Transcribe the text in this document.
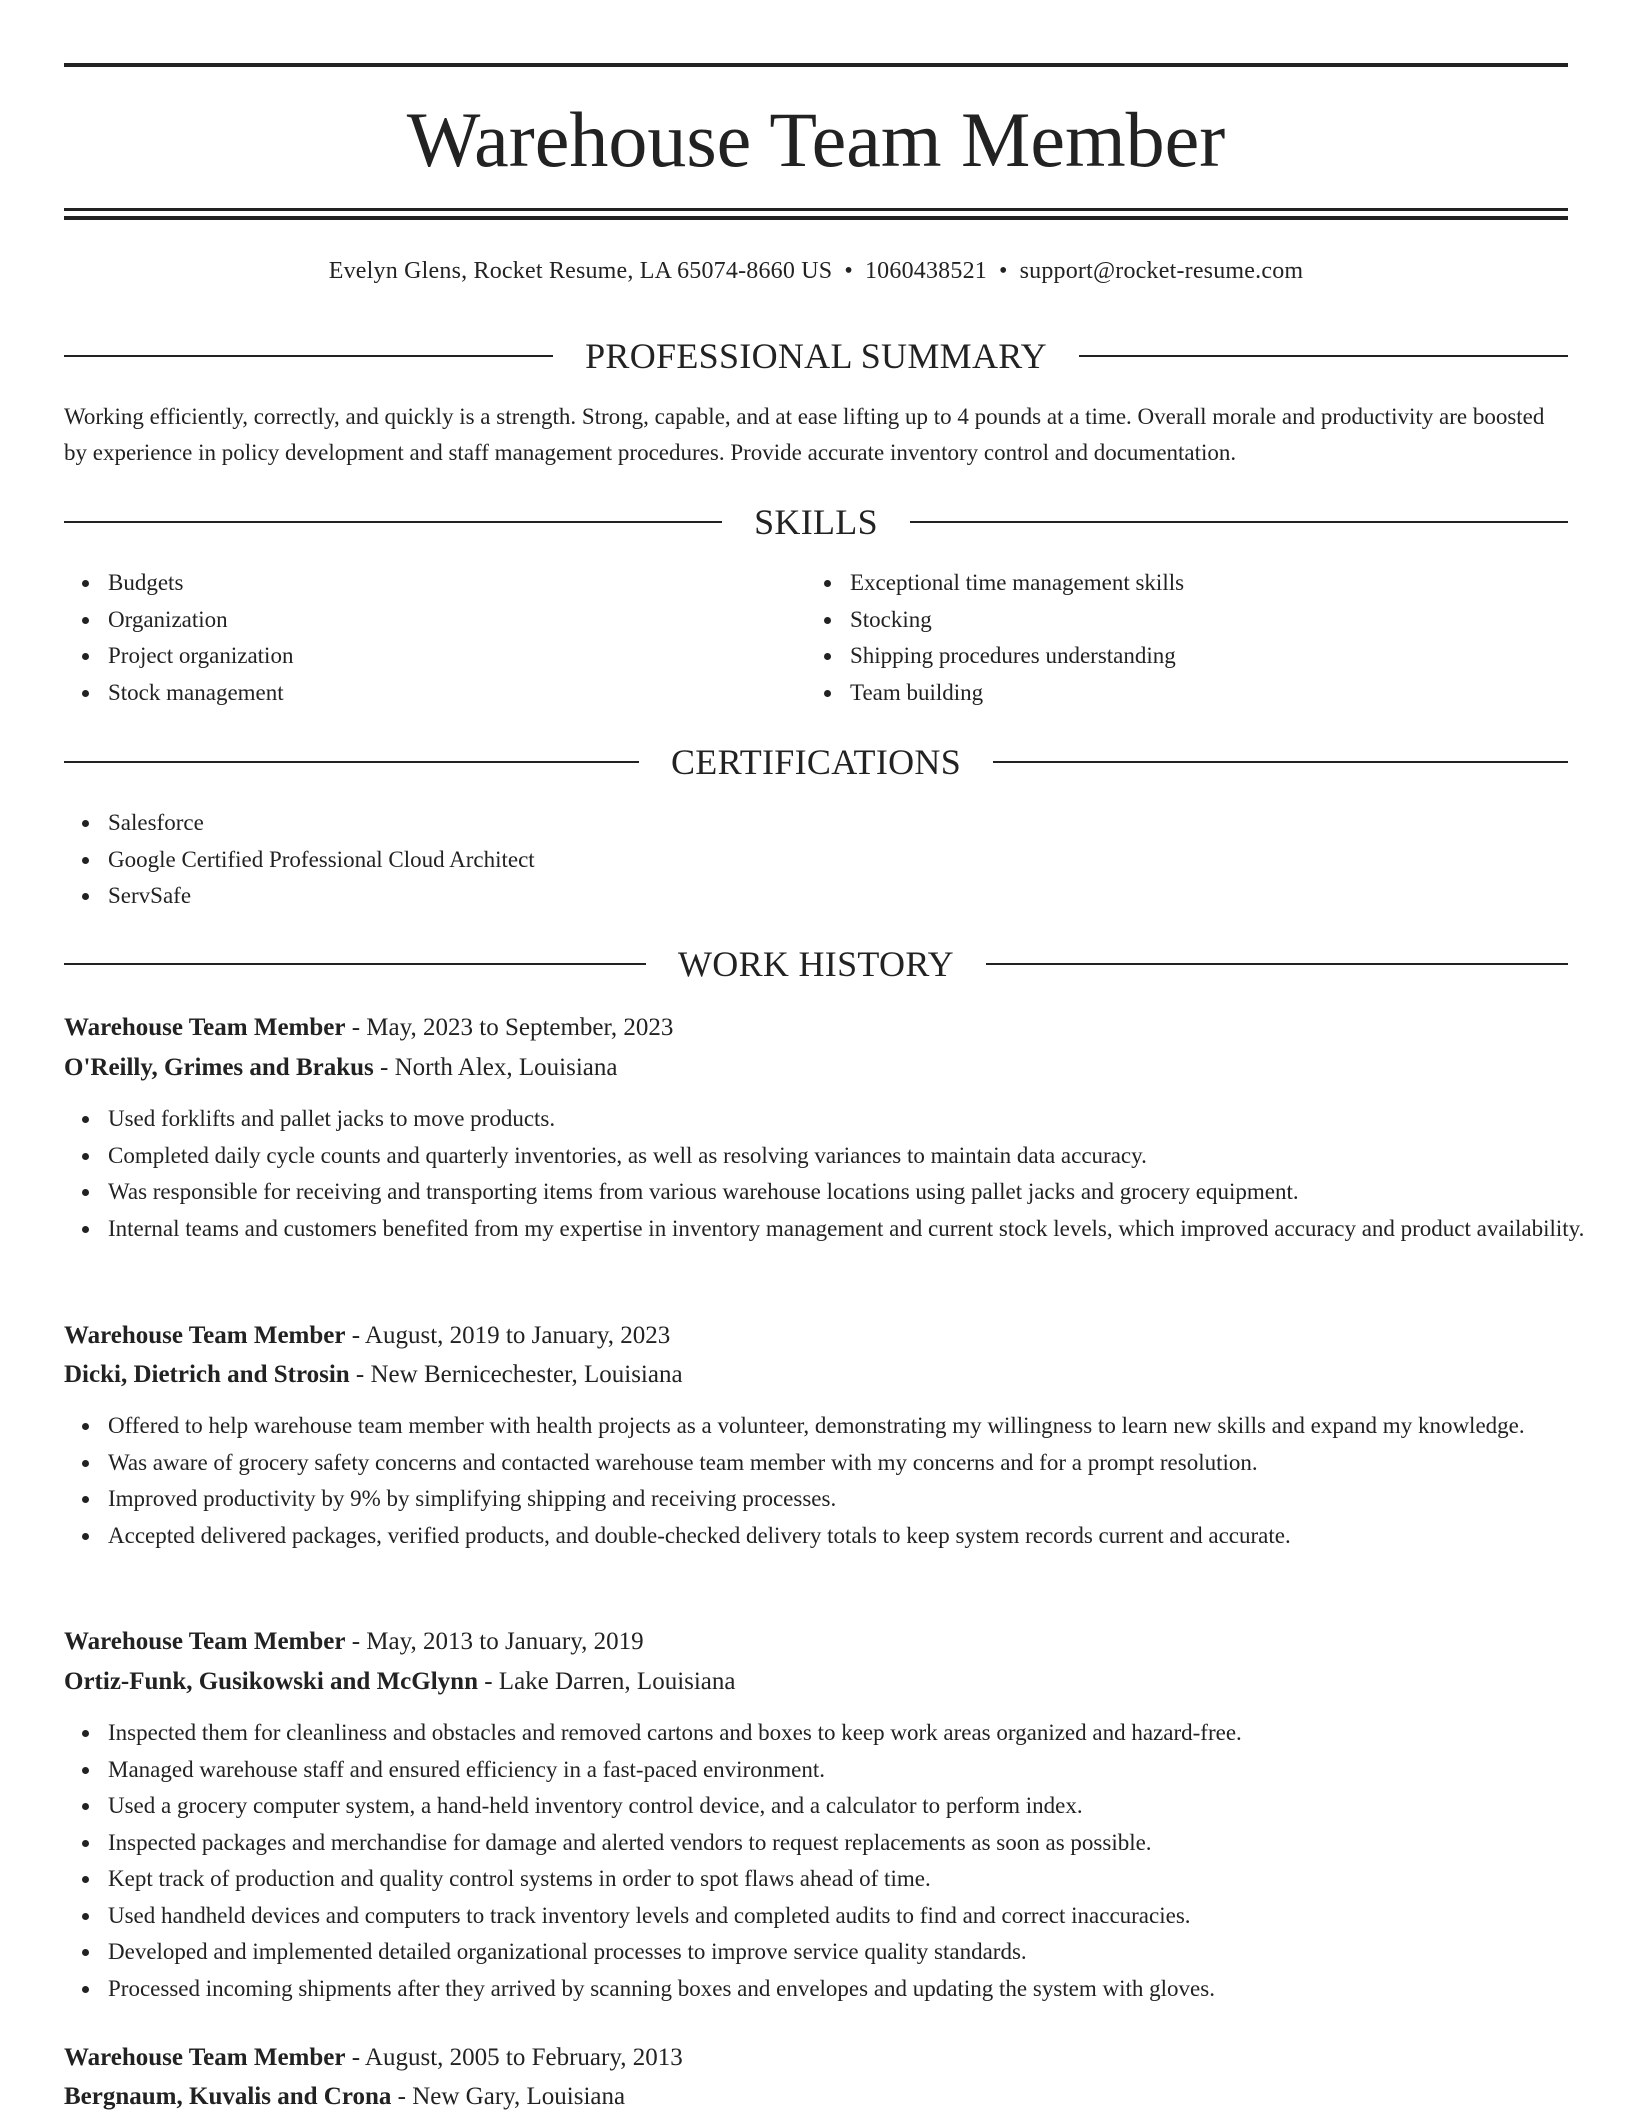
Warehouse Team Member
Evelyn Glens, Rocket Resume, LA 65074-8660 US • 1060438521 • support@rocket-resume.com
PROFESSIONAL SUMMARY

Working efficiently, correctly, and quickly is a strength. Strong, capable, and at ease lifting up to 4 pounds at a time. Overall morale and productivity are boosted by experience in policy development and staff management procedures. Provide accurate inventory control and documentation.

SKILLS
Budgets
Organization
Project organization
Stock management
Exceptional time management skills
Stocking
Shipping procedures understanding
Team building
CERTIFICATIONS
Salesforce
Google Certified Professional Cloud Architect
ServSafe
WORK HISTORY
Warehouse Team Member - May, 2023 to September, 2023
O'Reilly, Grimes and Brakus - North Alex, Louisiana
Used forklifts and pallet jacks to move products.
Completed daily cycle counts and quarterly inventories, as well as resolving variances to maintain data accuracy.
Was responsible for receiving and transporting items from various warehouse locations using pallet jacks and grocery equipment.
Internal teams and customers benefited from my expertise in inventory management and current stock levels, which improved accuracy and product availability.
Warehouse Team Member - August, 2019 to January, 2023
Dicki, Dietrich and Strosin - New Bernicechester, Louisiana
Offered to help warehouse team member with health projects as a volunteer, demonstrating my willingness to learn new skills and expand my knowledge.
Was aware of grocery safety concerns and contacted warehouse team member with my concerns and for a prompt resolution.
Improved productivity by 9% by simplifying shipping and receiving processes.
Accepted delivered packages, verified products, and double-checked delivery totals to keep system records current and accurate.
Warehouse Team Member - May, 2013 to January, 2019
Ortiz-Funk, Gusikowski and McGlynn - Lake Darren, Louisiana
Inspected them for cleanliness and obstacles and removed cartons and boxes to keep work areas organized and hazard-free.
Managed warehouse staff and ensured efficiency in a fast-paced environment.
Used a grocery computer system, a hand-held inventory control device, and a calculator to perform index.
Inspected packages and merchandise for damage and alerted vendors to request replacements as soon as possible.
Kept track of production and quality control systems in order to spot flaws ahead of time.
Used handheld devices and computers to track inventory levels and completed audits to find and correct inaccuracies.
Developed and implemented detailed organizational processes to improve service quality standards.
Processed incoming shipments after they arrived by scanning boxes and envelopes and updating the system with gloves.
Warehouse Team Member - August, 2005 to February, 2013
Bergnaum, Kuvalis and Crona - New Gary, Louisiana
